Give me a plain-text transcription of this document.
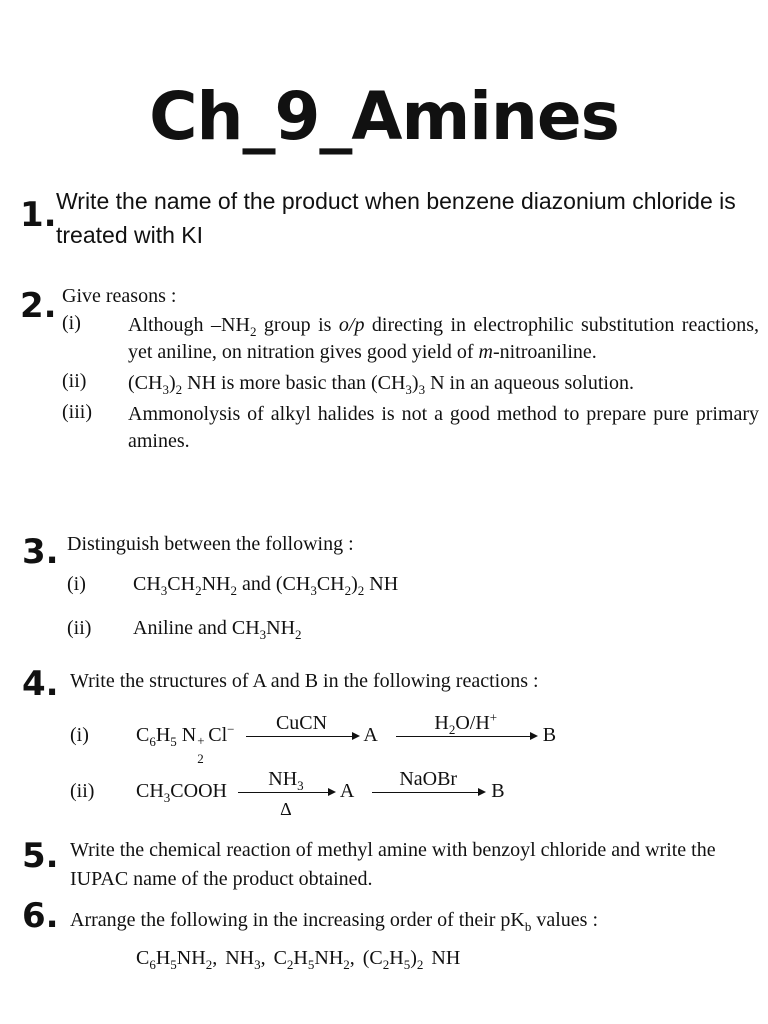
Ch_9_Amines
1. Write the name of the product when benzene diazonium chloride is treated with KI
2. Give reasons :
(i)	Although $-NH_2$ group is o/p directing in electrophilic substitution reactions, yet aniline, on nitration gives good yield of m-nitroaniline.
(ii)	$(CH_3)_2$ NH is more basic than $(CH_3)_3$ N in an aqueous solution.
(iii)	Ammonolysis of alkyl halides is not a good method to prepare pure primary amines.
3. Distinguish between the following :
(i)	$CH_3CH_2NH_2$ and $(CH_3CH_2)_2$ NH
(ii)	Aniline and $CH_3NH_2$
4. Write the structures of A and B in the following reactions :
(i) $C_6H_5$ N +
2
Cl−	CuCN
A
$H_2O/H^+$
B
(ii) $CH_3COOH$
$NH_3$
Δ
A
NaOBr
B
5. Write the chemical reaction of methyl amine with benzoyl chloride and write the IUPAC name of the product obtained.
6. Arrange the following in the increasing order of their $pK_b$ values :
$C_6H_5NH_2$, $NH_3$, $C_2H_5NH_2$, $(C_2H_5)_2$ NH
